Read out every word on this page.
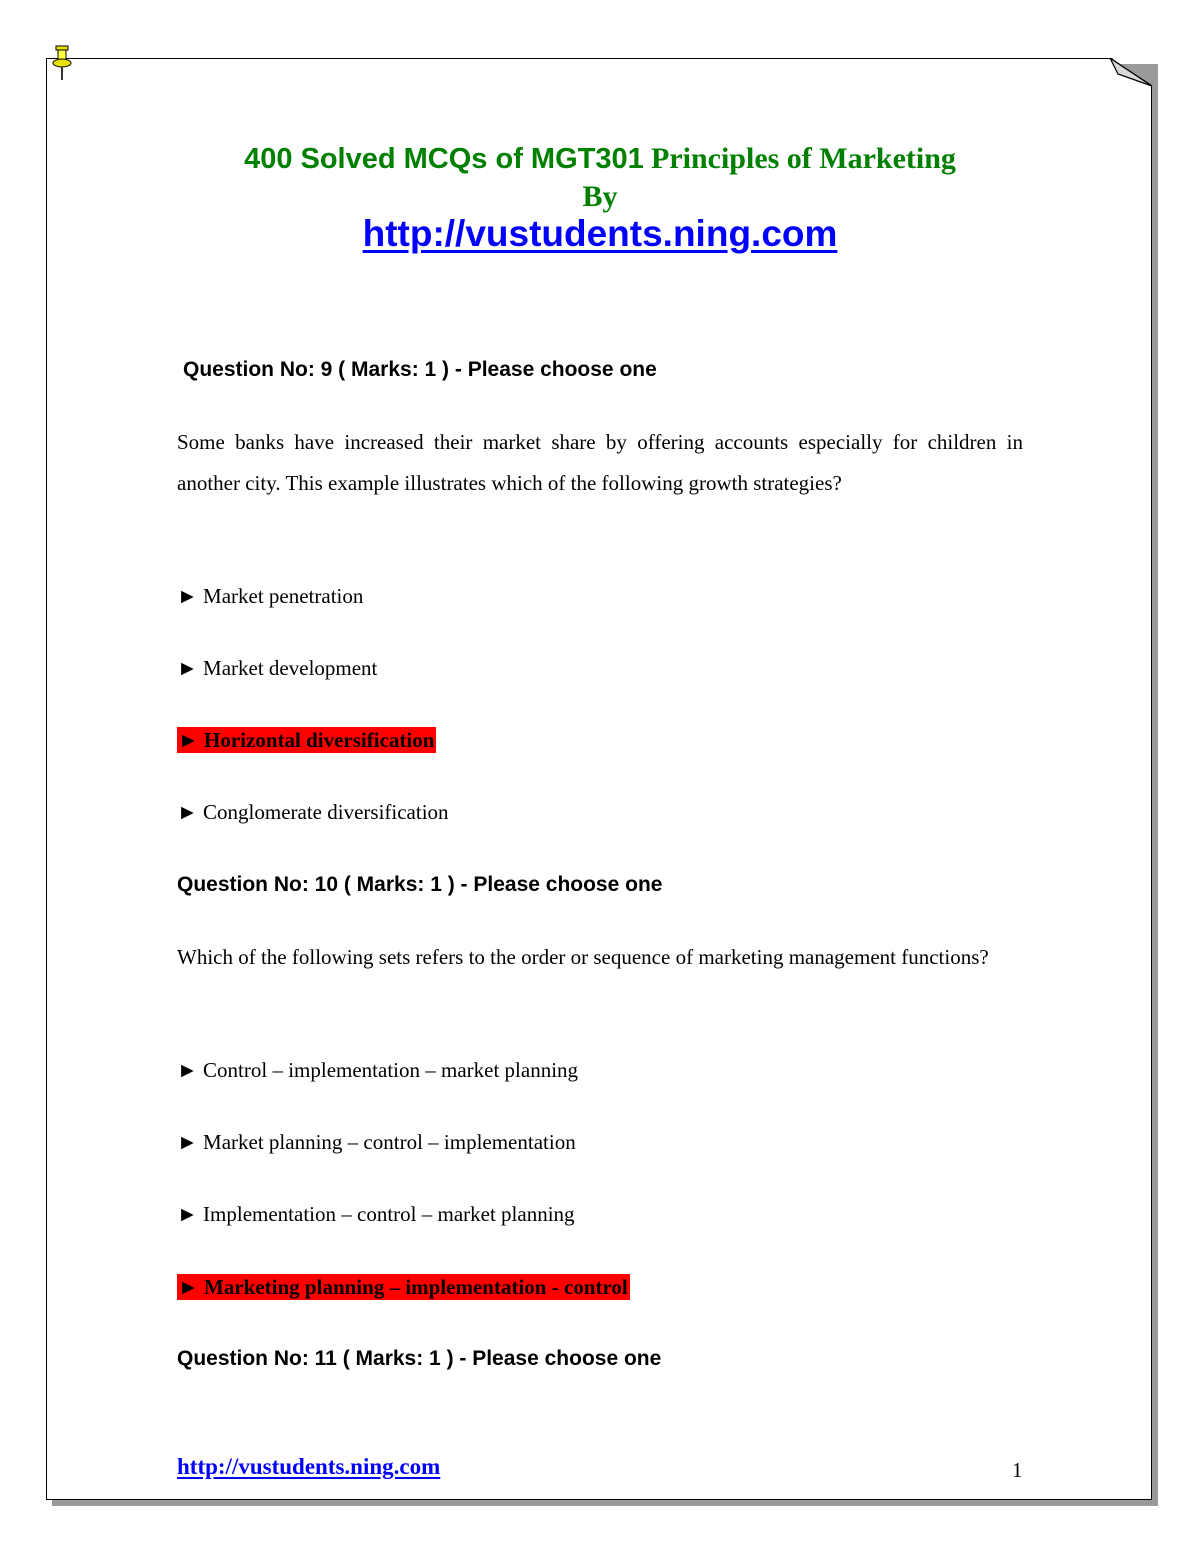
400 Solved MCQs of MGT301 Principles of Marketing
By
http://vustudents.ning.com
Question No: 9 ( Marks: 1 ) - Please choose one
Some banks have increased their market share by offering accounts especially for children in another city. This example illustrates which of the following growth strategies?
► Market penetration
► Market development
► Horizontal diversification
► Conglomerate diversification
Question No: 10 ( Marks: 1 ) - Please choose one
Which of the following sets refers to the order or sequence of marketing management functions?
► Control – implementation – market planning
► Market planning – control – implementation
► Implementation – control – market planning
► Marketing planning – implementation - control
Question No: 11 ( Marks: 1 ) - Please choose one
http://vustudents.ning.com	1
